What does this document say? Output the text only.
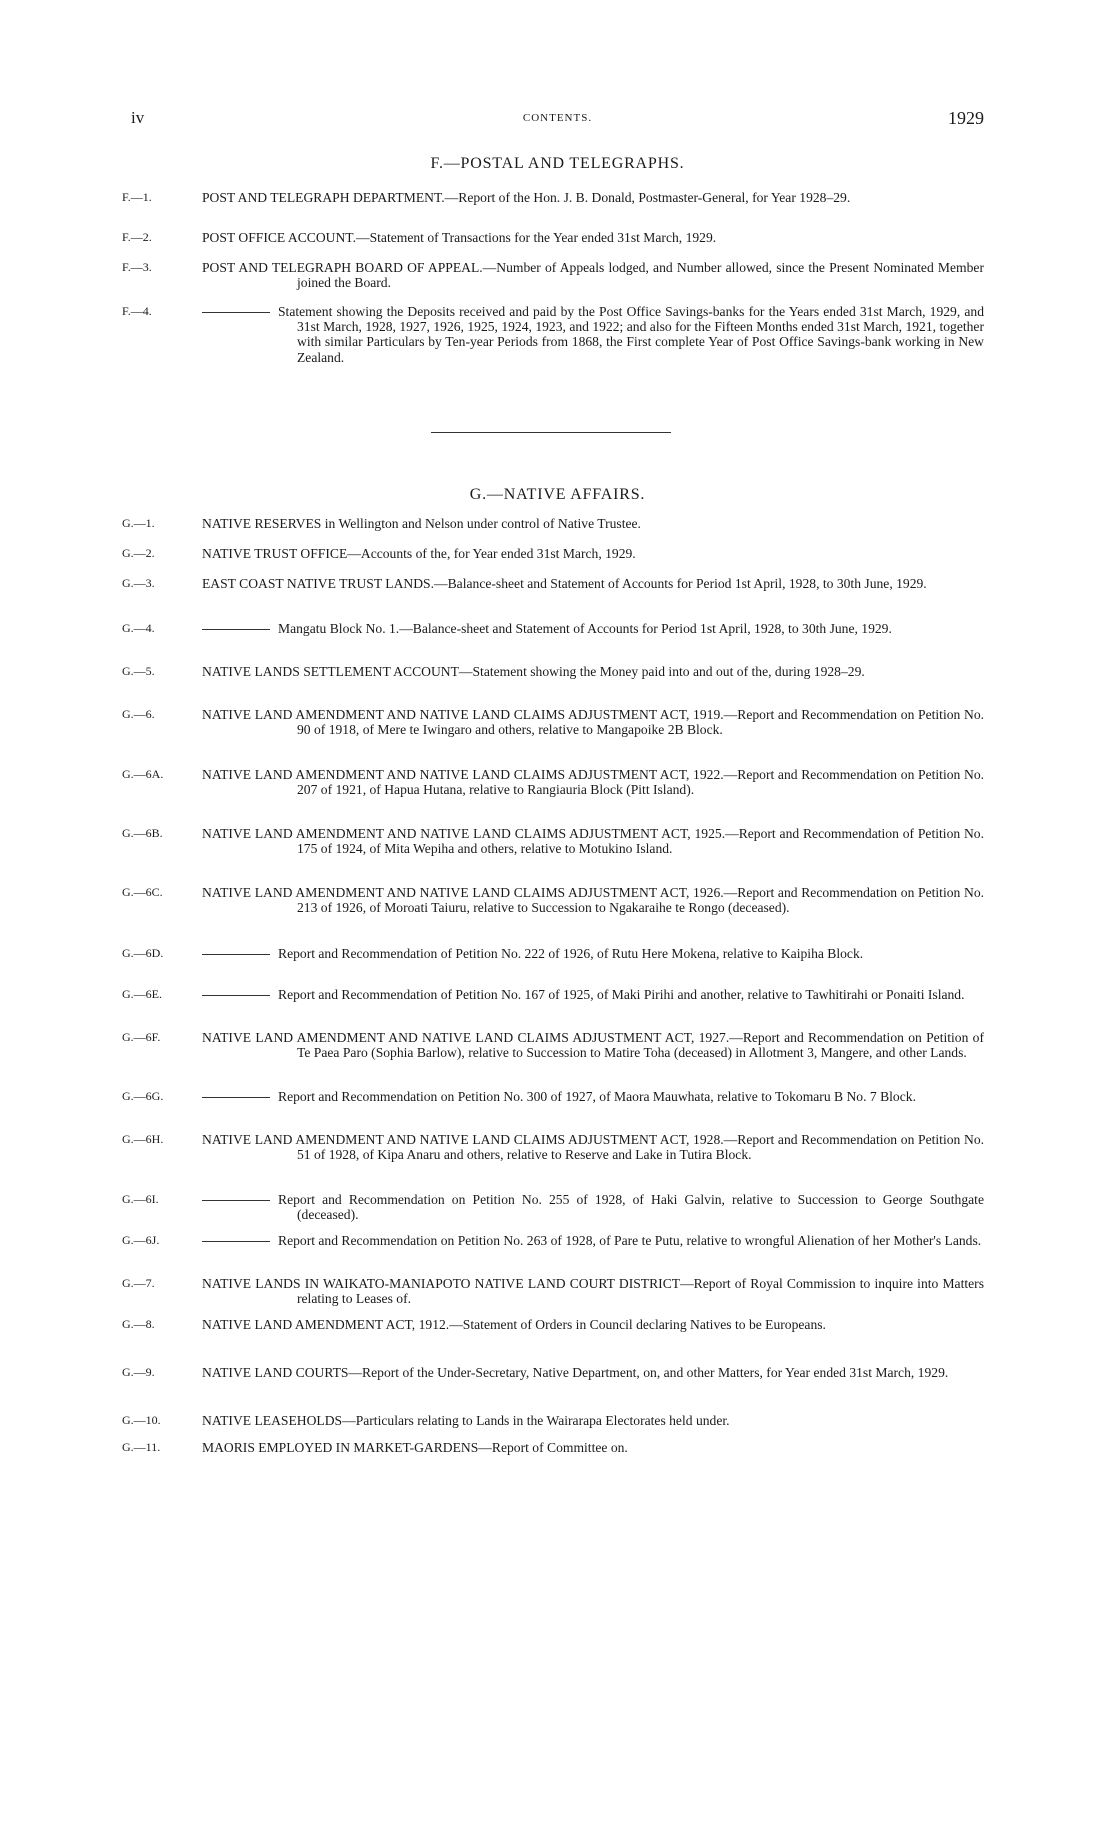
iv	CONTENTS.	1929
F.—POSTAL AND TELEGRAPHS.
G.—NATIVE AFFAIRS.
F.—1.	POST AND TELEGRAPH DEPARTMENT.—Report of the Hon. J. B. Donald, Postmaster-General, for Year 1928–29.
F.—2.	POST OFFICE ACCOUNT.—Statement of Transactions for the Year ended 31st March, 1929.
F.—3.	POST AND TELEGRAPH BOARD OF APPEAL.—Number of Appeals lodged, and Number allowed, since the Present Nominated Member joined the Board.
F.—4.	Statement showing the Deposits received and paid by the Post Office Savings-banks for the Years ended 31st March, 1929, and 31st March, 1928, 1927, 1926, 1925, 1924, 1923, and 1922; and also for the Fifteen Months ended 31st March, 1921, together with similar Particulars by Ten-year Periods from 1868, the First complete Year of Post Office Savings-bank working in New Zealand.
G.—1.	NATIVE RESERVES in Wellington and Nelson under control of Native Trustee.
G.—2.	NATIVE TRUST OFFICE—Accounts of the, for Year ended 31st March, 1929.
G.—3.	EAST COAST NATIVE TRUST LANDS.—Balance-sheet and Statement of Accounts for Period 1st April, 1928, to 30th June, 1929.
G.—4.	Mangatu Block No. 1.—Balance-sheet and Statement of Accounts for Period 1st April, 1928, to 30th June, 1929.
G.—5.	NATIVE LANDS SETTLEMENT ACCOUNT—Statement showing the Money paid into and out of the, during 1928–29.
G.—6.	NATIVE LAND AMENDMENT AND NATIVE LAND CLAIMS ADJUSTMENT ACT, 1919.—Report and Recommendation on Petition No. 90 of 1918, of Mere te Iwingaro and others, relative to Mangapoike 2B Block.
G.—6A.	NATIVE LAND AMENDMENT AND NATIVE LAND CLAIMS ADJUSTMENT ACT, 1922.—Report and Recommendation on Petition No. 207 of 1921, of Hapua Hutana, relative to Rangiauria Block (Pitt Island).
G.—6B.	NATIVE LAND AMENDMENT AND NATIVE LAND CLAIMS ADJUSTMENT ACT, 1925.—Report and Recommendation of Petition No. 175 of 1924, of Mita Wepiha and others, relative to Motukino Island.
G.—6C.	NATIVE LAND AMENDMENT AND NATIVE LAND CLAIMS ADJUSTMENT ACT, 1926.—Report and Recommendation on Petition No. 213 of 1926, of Moroati Taiuru, relative to Succession to Ngakaraihe te Rongo (deceased).
G.—6D.	Report and Recommendation of Petition No. 222 of 1926, of Rutu Here Mokena, relative to Kaipiha Block.
G.—6E.	Report and Recommendation of Petition No. 167 of 1925, of Maki Pirihi and another, relative to Tawhitirahi or Ponaiti Island.
G.—6F.	NATIVE LAND AMENDMENT AND NATIVE LAND CLAIMS ADJUSTMENT ACT, 1927.—Report and Recommendation on Petition of Te Paea Paro (Sophia Barlow), relative to Succession to Matire Toha (deceased) in Allotment 3, Mangere, and other Lands.
G.—6G.	Report and Recommendation on Petition No. 300 of 1927, of Maora Mauwhata, relative to Tokomaru B No. 7 Block.
G.—6H.	NATIVE LAND AMENDMENT AND NATIVE LAND CLAIMS ADJUSTMENT ACT, 1928.—Report and Recommendation on Petition No. 51 of 1928, of Kipa Anaru and others, relative to Reserve and Lake in Tutira Block.
G.—6I.	Report and Recommendation on Petition No. 255 of 1928, of Haki Galvin, relative to Succession to George Southgate (deceased).
G.—6J.	Report and Recommendation on Petition No. 263 of 1928, of Pare te Putu, relative to wrongful Alienation of her Mother's Lands.
G.—7.	NATIVE LANDS IN WAIKATO-MANIAPOTO NATIVE LAND COURT DISTRICT—Report of Royal Commission to inquire into Matters relating to Leases of.
G.—8.	NATIVE LAND AMENDMENT ACT, 1912.—Statement of Orders in Council declaring Natives to be Europeans.
G.—9.	NATIVE LAND COURTS—Report of the Under-Secretary, Native Department, on, and other Matters, for Year ended 31st March, 1929.
G.—10.	NATIVE LEASEHOLDS—Particulars relating to Lands in the Wairarapa Electorates held under.
G.—11.	MAORIS EMPLOYED IN MARKET-GARDENS—Report of Committee on.
